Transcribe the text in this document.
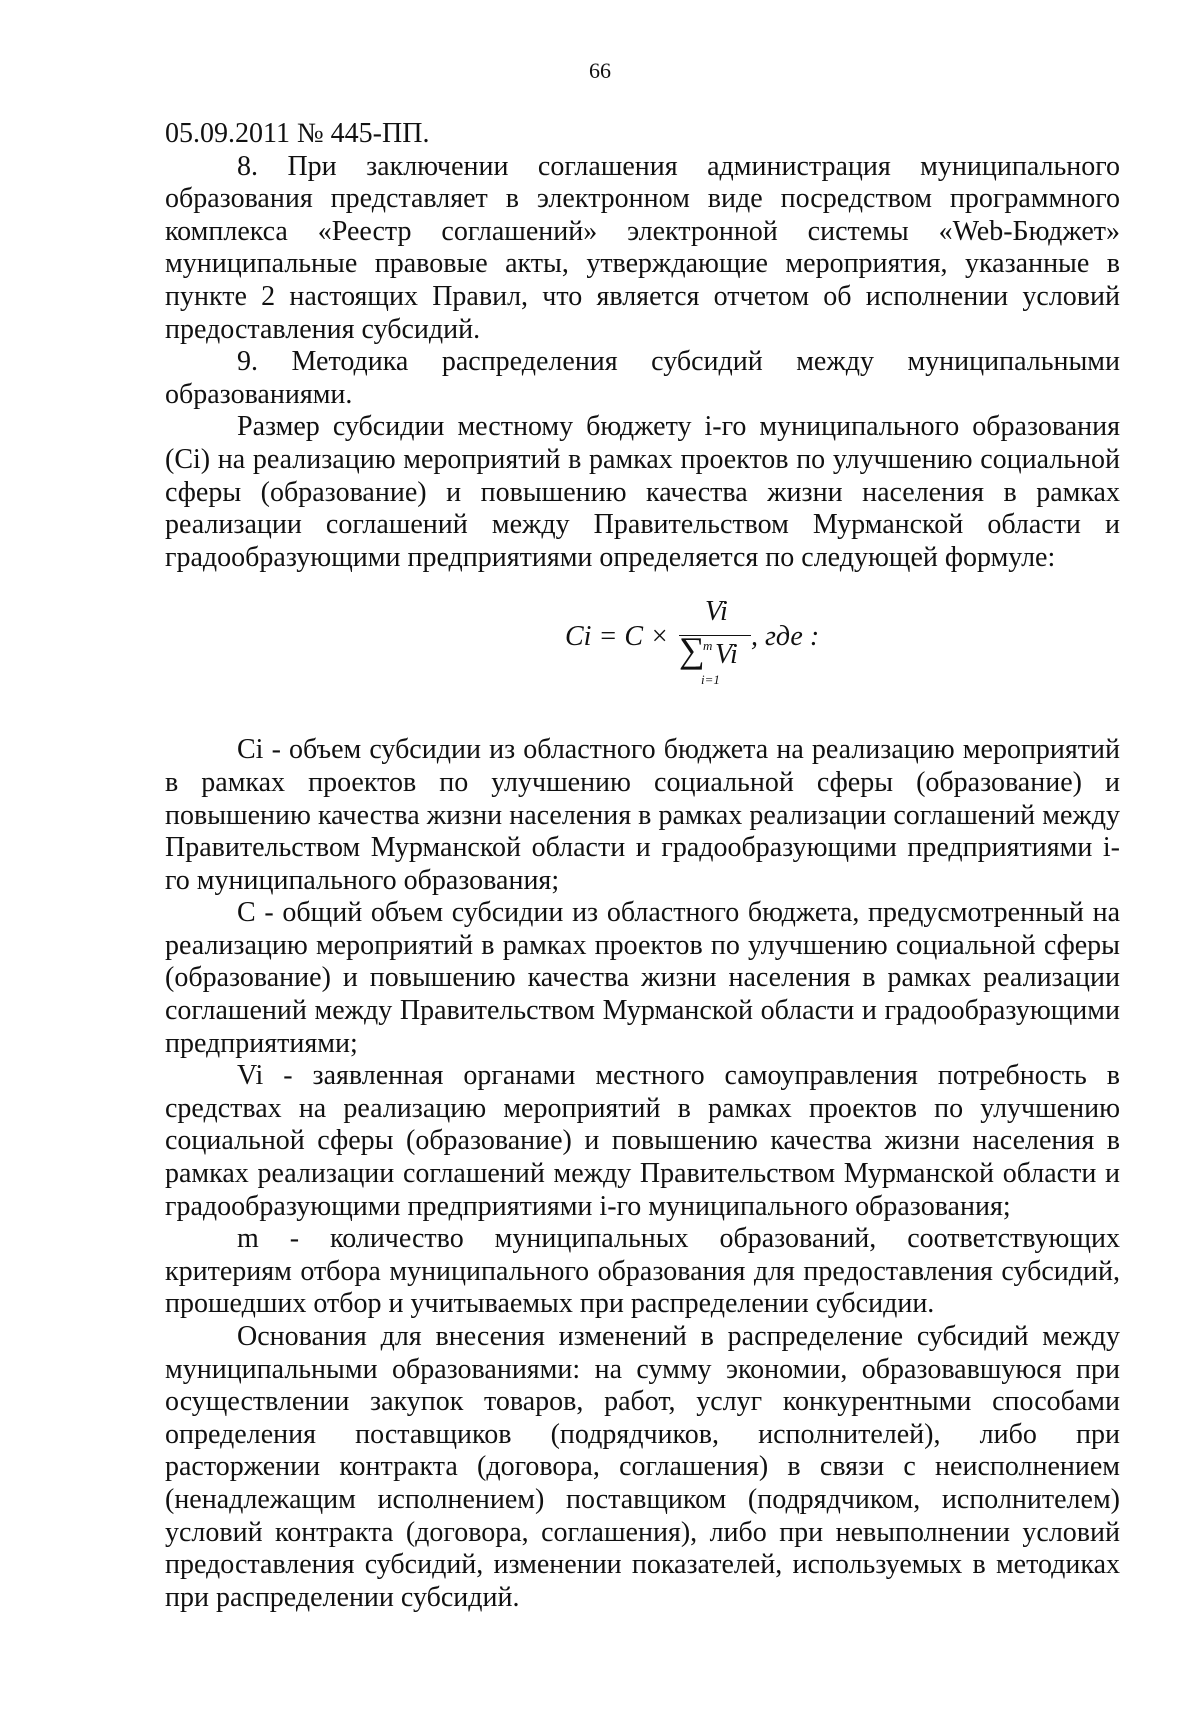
66

05.09.2011 № 445-ПП.

8. При заключении соглашения администрация муниципального образования представляет в электронном виде посредством программного комплекса «Реестр соглашений» электронной системы «Web-Бюджет» муниципальные правовые акты, утверждающие мероприятия, указанные в пункте 2 настоящих Правил, что является отчетом об исполнении условий предоставления субсидий.

9. Методика распределения субсидий между муниципальными образованиями.

Размер субсидии местному бюджету i-го муниципального образования (Ci) на реализацию мероприятий в рамках проектов по улучшению социальной сферы (образование) и повышению качества жизни населения в рамках реализации соглашений между Правительством Мурманской области и градообразующими предприятиями определяется по следующей формуле:

Ci = C ×
Vi
∑
m
i=1
Vi
, где :

Ci - объем субсидии из областного бюджета на реализацию мероприятий в рамках проектов по улучшению социальной сферы (образование) и повышению качества жизни населения в рамках реализации соглашений между Правительством Мурманской области и градообразующими предприятиями i-го муниципального образования;

С - общий объем субсидии из областного бюджета, предусмотренный на реализацию мероприятий в рамках проектов по улучшению социальной сферы (образование) и повышению качества жизни населения в рамках реализации соглашений между Правительством Мурманской области и градообразующими предприятиями;

Vi - заявленная органами местного самоуправления потребность в средствах на реализацию мероприятий в рамках проектов по улучшению социальной сферы (образование) и повышению качества жизни населения в рамках реализации соглашений между Правительством Мурманской области и градообразующими предприятиями i-го муниципального образования;

m - количество муниципальных образований, соответствующих критериям отбора муниципального образования для предоставления субсидий, прошедших отбор и учитываемых при распределении субсидии.

Основания для внесения изменений в распределение субсидий между муниципальными образованиями: на сумму экономии, образовавшуюся при осуществлении закупок товаров, работ, услуг конкурентными способами определения поставщиков (подрядчиков, исполнителей), либо при расторжении контракта (договора, соглашения) в связи с неисполнением (ненадлежащим исполнением) поставщиком (подрядчиком, исполнителем) условий контракта (договора, соглашения), либо при невыполнении условий предоставления субсидий, изменении показателей, используемых в методиках при распределении субсидий.
